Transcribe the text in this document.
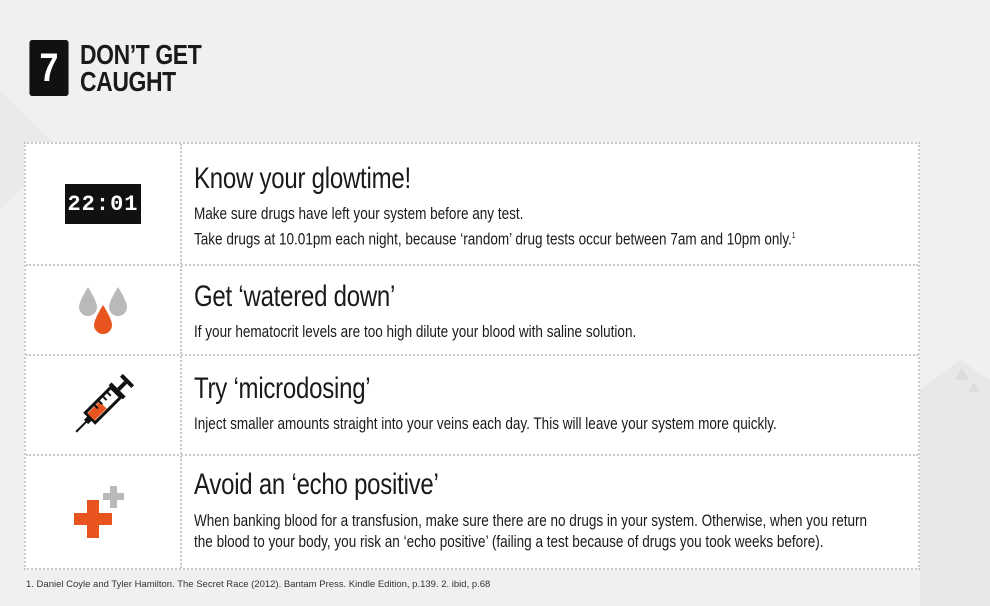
7 DON’T GET
CAUGHT
22:01
Know your glowtime!

Make sure drugs have left your system before any test.

Take drugs at 10.01pm each night, because ‘random’ drug tests occur between 7am and 10pm only.$^1$

Get ‘watered down’

If your hematocrit levels are too high dilute your blood with saline solution.

Try ‘microdosing’

Inject smaller amounts straight into your veins each day. This will leave your system more quickly.

Avoid an ‘echo positive’

When banking blood for a transfusion, make sure there are no drugs in your system. Otherwise, when you return

the blood to your body, you risk an ‘echo positive’ (failing a test because of drugs you took weeks before).

1. Daniel Coyle and Tyler Hamilton. The Secret Race (2012). Bantam Press. Kindle Edition, p.139. 2. ibid, p.68
